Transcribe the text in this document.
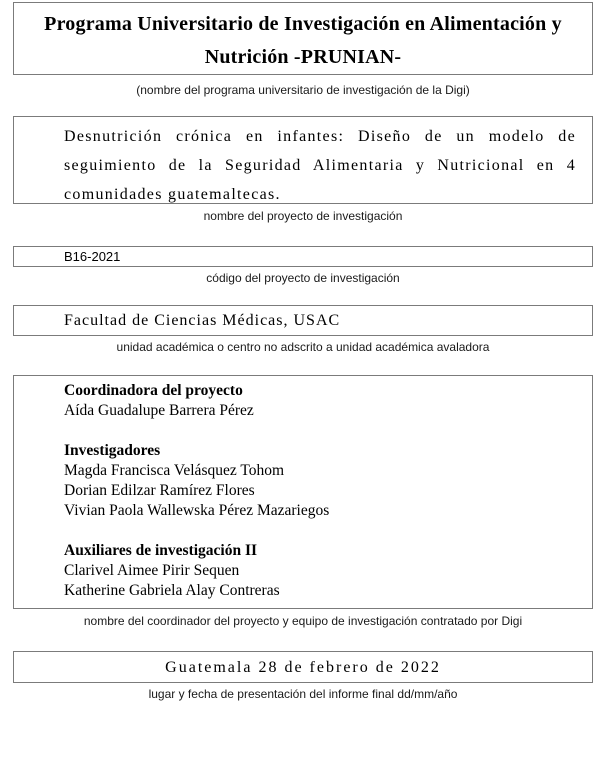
Programa Universitario de Investigación en Alimentación y
Nutrición -PRUNIAN-
(nombre del programa universitario de investigación de la Digi)
Desnutrición crónica en infantes: Diseño de un modelo de
seguimiento de la Seguridad Alimentaria y Nutricional en 4
comunidades guatemaltecas.
nombre del proyecto de investigación
B16-2021
código del proyecto de investigación
Facultad de Ciencias Médicas, USAC
unidad académica o centro no adscrito a unidad académica avaladora
Coordinadora del proyecto
Aída Guadalupe Barrera Pérez
Investigadores
Magda Francisca Velásquez Tohom
Dorian Edilzar Ramírez Flores
Vivian Paola Wallewska Pérez Mazariegos
Auxiliares de investigación II
Clarivel Aimee Pirir Sequen
Katherine Gabriela Alay Contreras
nombre del coordinador del proyecto y equipo de investigación contratado por Digi
Guatemala 28 de febrero de 2022
lugar y fecha de presentación del informe final dd/mm/año
